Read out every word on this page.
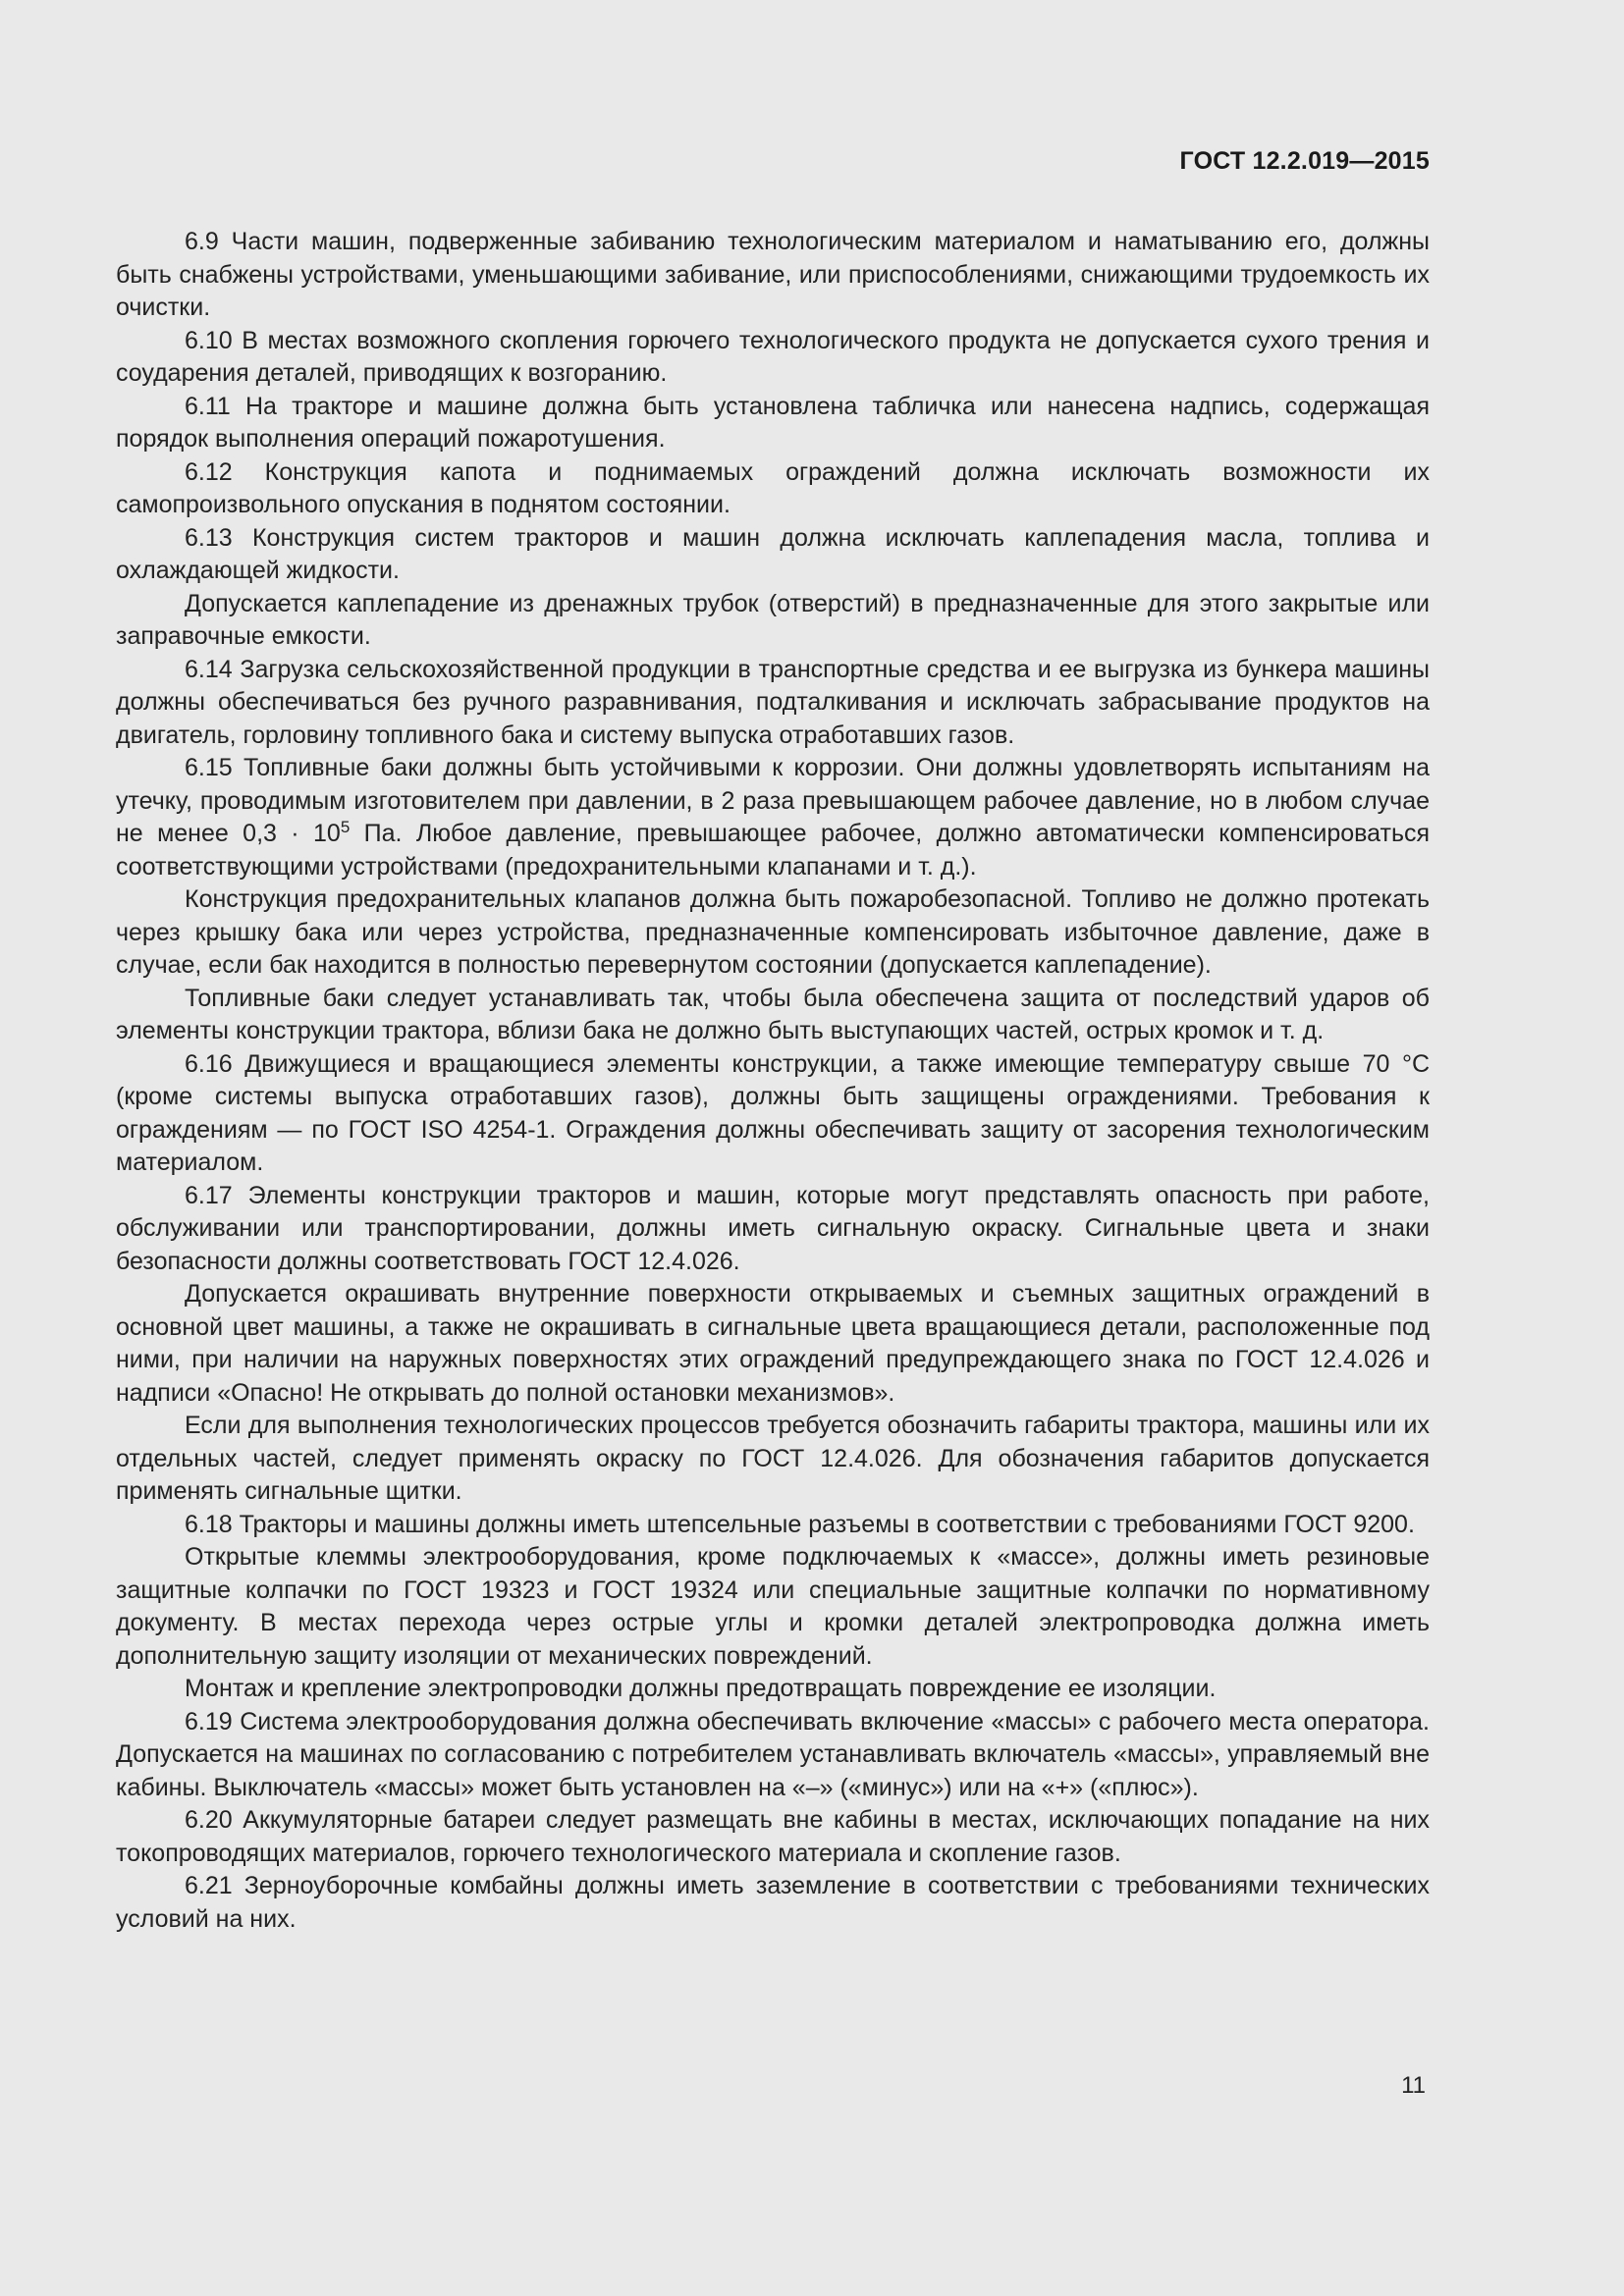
ГОСТ 12.2.019—2015

6.9 Части машин, подверженные забиванию технологическим материалом и наматыванию его, должны быть снабжены устройствами, уменьшающими забивание, или приспособлениями, снижающими трудоемкость их очистки.

6.10 В местах возможного скопления горючего технологического продукта не допускается сухого трения и соударения деталей, приводящих к возгоранию.

6.11 На тракторе и машине должна быть установлена табличка или нанесена надпись, содержащая порядок выполнения операций пожаротушения.

6.12 Конструкция капота и поднимаемых ограждений должна исключать возможности их самопроизвольного опускания в поднятом состоянии.

6.13 Конструкция систем тракторов и машин должна исключать каплепадения масла, топлива и охлаждающей жидкости.

Допускается каплепадение из дренажных трубок (отверстий) в предназначенные для этого закрытые или заправочные емкости.

6.14 Загрузка сельскохозяйственной продукции в транспортные средства и ее выгрузка из бункера машины должны обеспечиваться без ручного разравнивания, подталкивания и исключать забрасывание продуктов на двигатель, горловину топливного бака и систему выпуска отработавших газов.

6.15 Топливные баки должны быть устойчивыми к коррозии. Они должны удовлетворять испытаниям на утечку, проводимым изготовителем при давлении, в 2 раза превышающем рабочее давление, но в любом случае не менее $0,3 \cdot 10^5$ Па. Любое давление, превышающее рабочее, должно автоматически компенсироваться соответствующими устройствами (предохранительными клапанами и т. д.).

Конструкция предохранительных клапанов должна быть пожаробезопасной. Топливо не должно протекать через крышку бака или через устройства, предназначенные компенсировать избыточное давление, даже в случае, если бак находится в полностью перевернутом состоянии (допускается каплепадение).

Топливные баки следует устанавливать так, чтобы была обеспечена защита от последствий ударов об элементы конструкции трактора, вблизи бака не должно быть выступающих частей, острых кромок и т. д.

6.16 Движущиеся и вращающиеся элементы конструкции, а также имеющие температуру свыше 70 °С (кроме системы выпуска отработавших газов), должны быть защищены ограждениями. Требования к ограждениям — по ГОСТ ISO 4254-1. Ограждения должны обеспечивать защиту от засорения технологическим материалом.

6.17 Элементы конструкции тракторов и машин, которые могут представлять опасность при работе, обслуживании или транспортировании, должны иметь сигнальную окраску. Сигнальные цвета и знаки безопасности должны соответствовать ГОСТ 12.4.026.

Допускается окрашивать внутренние поверхности открываемых и съемных защитных ограждений в основной цвет машины, а также не окрашивать в сигнальные цвета вращающиеся детали, расположенные под ними, при наличии на наружных поверхностях этих ограждений предупреждающего знака по ГОСТ 12.4.026 и надписи «Опасно! Не открывать до полной остановки механизмов».

Если для выполнения технологических процессов требуется обозначить габариты трактора, машины или их отдельных частей, следует применять окраску по ГОСТ 12.4.026. Для обозначения габаритов допускается применять сигнальные щитки.

6.18 Тракторы и машины должны иметь штепсельные разъемы в соответствии с требованиями ГОСТ 9200.

Открытые клеммы электрооборудования, кроме подключаемых к «массе», должны иметь резиновые защитные колпачки по ГОСТ 19323 и ГОСТ 19324 или специальные защитные колпачки по нормативному документу. В местах перехода через острые углы и кромки деталей электропроводка должна иметь дополнительную защиту изоляции от механических повреждений.

Монтаж и крепление электропроводки должны предотвращать повреждение ее изоляции.

6.19 Система электрооборудования должна обеспечивать включение «массы» с рабочего места оператора. Допускается на машинах по согласованию с потребителем устанавливать включатель «массы», управляемый вне кабины. Выключатель «массы» может быть установлен на «–» («минус») или на «+» («плюс»).

6.20 Аккумуляторные батареи следует размещать вне кабины в местах, исключающих попадание на них токопроводящих материалов, горючего технологического материала и скопление газов.

6.21 Зерноуборочные комбайны должны иметь заземление в соответствии с требованиями технических условий на них.

11
